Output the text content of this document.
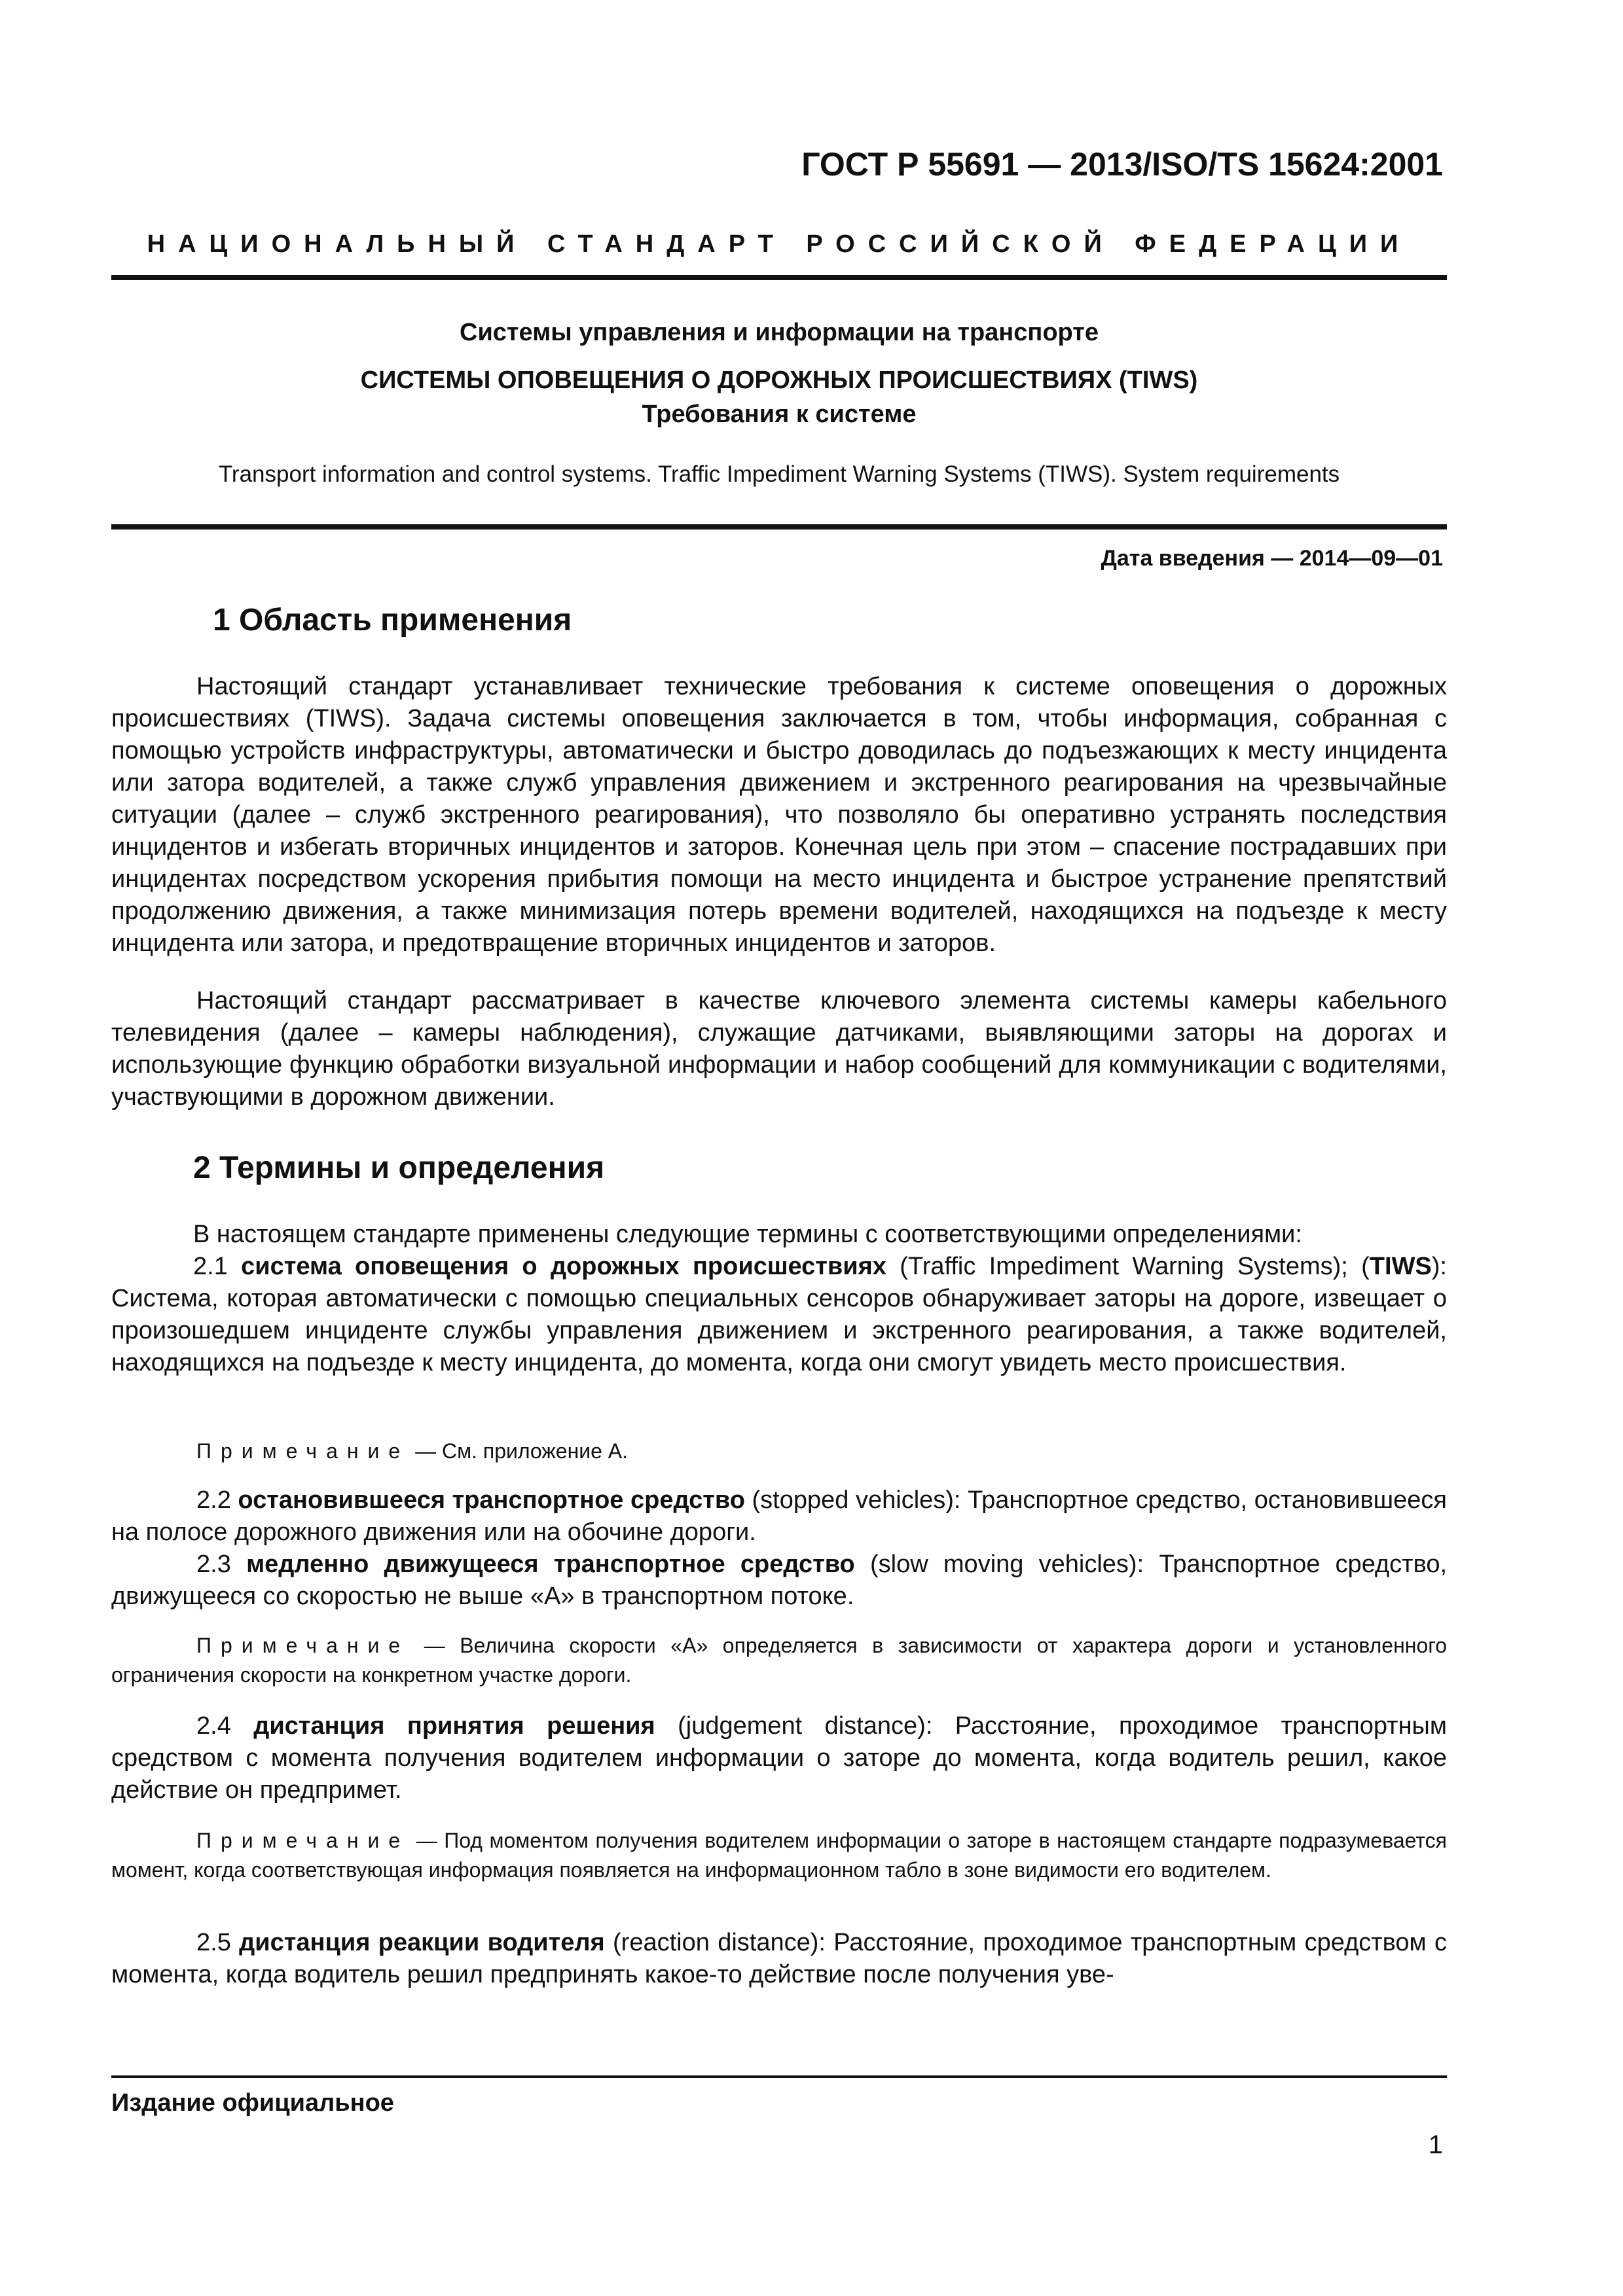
ГОСТ Р 55691 — 2013/ISO/TS 15624:2001
НАЦИОНАЛЬНЫЙ СТАНДАРТ РОССИЙСКОЙ ФЕДЕРАЦИИ
Системы управления и информации на транспорте
СИСТЕМЫ ОПОВЕЩЕНИЯ О ДОРОЖНЫХ ПРОИСШЕСТВИЯХ (TIWS)
Требования к системе
Transport information and control systems. Traffic Impediment Warning Systems (TIWS). System requirements
Дата введения — 2014—09—01
1 Область применения

Настоящий стандарт устанавливает технические требования к системе оповещения о дорожных происшествиях (TIWS). Задача системы оповещения заключается в том, чтобы информация, собранная с помощью устройств инфраструктуры, автоматически и быстро доводилась до подъезжающих к месту инцидента или затора водителей, а также служб управления движением и экстренного реагирования на чрезвычайные ситуации (далее – служб экстренного реагирования), что позволяло бы оперативно устранять последствия инцидентов и избегать вторичных инцидентов и заторов. Конечная цель при этом – спасение пострадавших при инцидентах посредством ускорения прибытия помощи на место инцидента и быстрое устранение препятствий продолжению движения, а также минимизация потерь времени водителей, находящихся на подъезде к месту инцидента или затора, и предотвращение вторичных инцидентов и заторов.

Настоящий стандарт рассматривает в качестве ключевого элемента системы камеры кабельного телевидения (далее – камеры наблюдения), служащие датчиками, выявляющими заторы на дорогах и использующие функцию обработки визуальной информации и набор сообщений для коммуникации с водителями, участвующими в дорожном движении.

2 Термины и определения

В настоящем стандарте применены следующие термины с соответствующими определениями:

2.1 система оповещения о дорожных происшествиях (Traffic Impediment Warning Systems); (TIWS): Система, которая автоматически с помощью специальных сенсоров обнаруживает заторы на дороге, извещает о произошедшем инциденте службы управления движением и экстренного реагирования, а также водителей, находящихся на подъезде к месту инцидента, до момента, когда они смогут увидеть место происшествия.

Примечание — См. приложение А.

2.2 остановившееся транспортное средство (stopped vehicles): Транспортное средство, остановившееся на полосе дорожного движения или на обочине дороги.

2.3 медленно движущееся транспортное средство (slow moving vehicles): Транспортное средство, движущееся со скоростью не выше «А» в транспортном потоке.

Примечание — Величина скорости «А» определяется в зависимости от характера дороги и установленного ограничения скорости на конкретном участке дороги.

2.4 дистанция принятия решения (judgement distance): Расстояние, проходимое транспортным средством с момента получения водителем информации о заторе до момента, когда водитель решил, какое действие он предпримет.

Примечание — Под моментом получения водителем информации о заторе в настоящем стандарте подразумевается момент, когда соответствующая информация появляется на информационном табло в зоне видимости его водителем.

2.5 дистанция реакции водителя (reaction distance): Расстояние, проходимое транспортным средством с момента, когда водитель решил предпринять какое-то действие после получения уве-

Издание официальное
1
